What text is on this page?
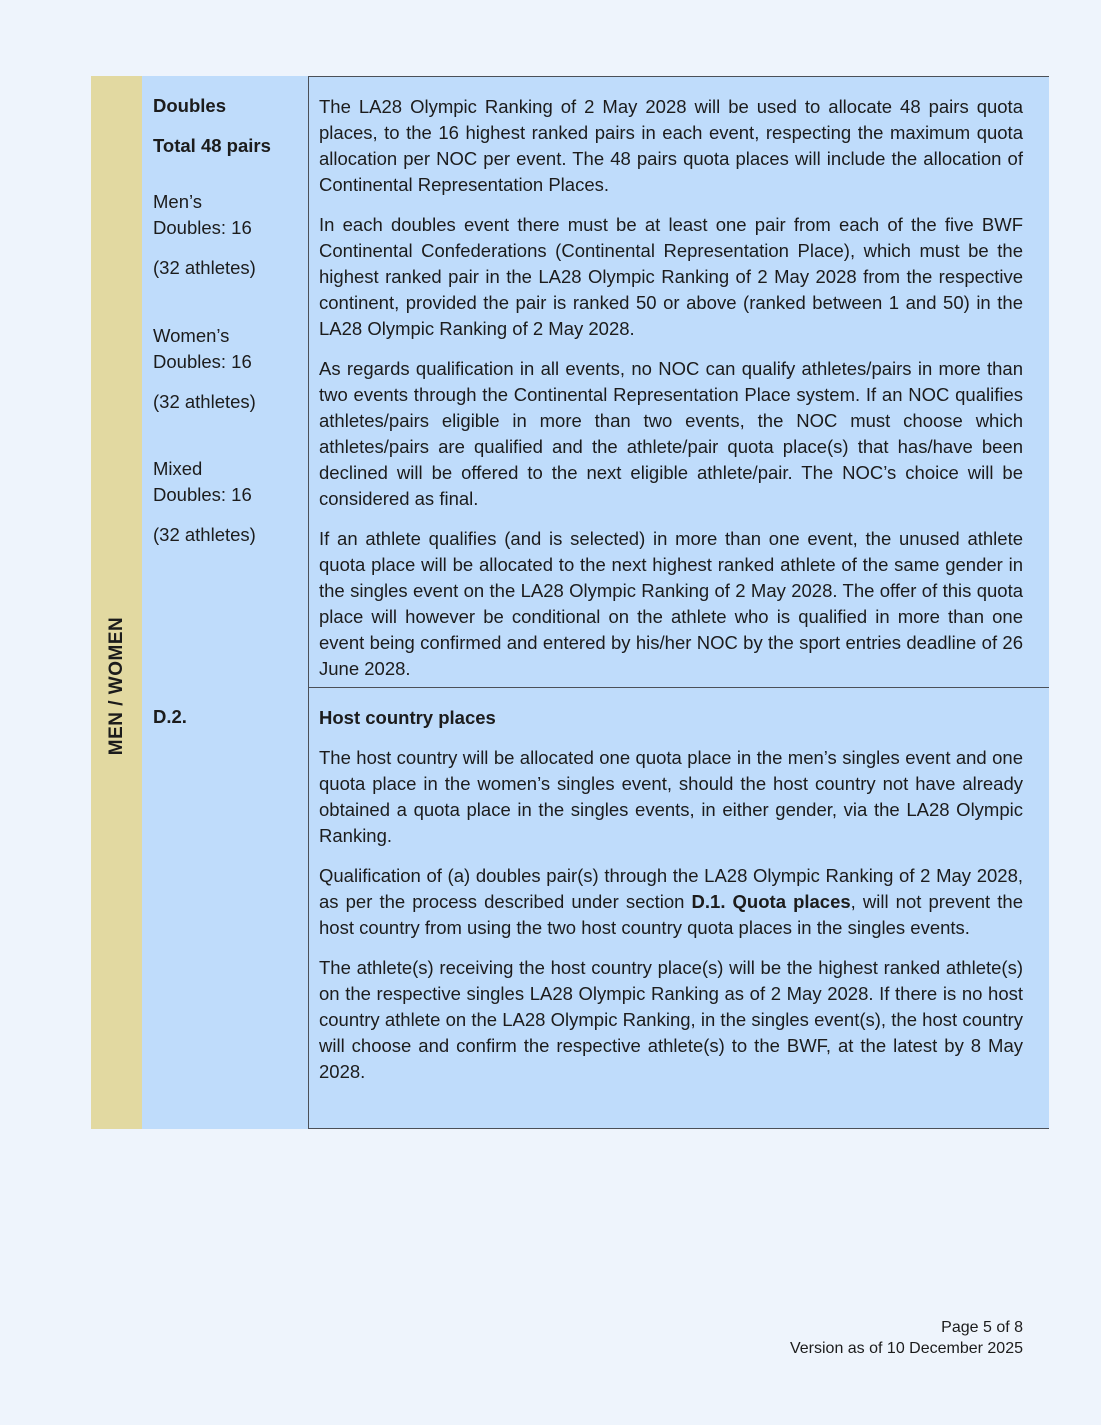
MEN / WOMEN
Doubles
Total 48 pairs
Men’s
Doubles: 16
(32 athletes)
Women’s
Doubles: 16
(32 athletes)
Mixed
Doubles: 16
(32 athletes)

The LA28 Olympic Ranking of 2 May 2028 will be used to allocate 48 pairs quota places, to the 16 highest ranked pairs in each event, respecting the maximum quota allocation per NOC per event. The 48 pairs quota places will include the allocation of Continental Representation Places.

In each doubles event there must be at least one pair from each of the five BWF Continental Confederations (Continental Representation Place), which must be the highest ranked pair in the LA28 Olympic Ranking of 2 May 2028 from the respective continent, provided the pair is ranked 50 or above (ranked between 1 and 50) in the LA28 Olympic Ranking of 2 May 2028.

As regards qualification in all events, no NOC can qualify athletes/pairs in more than two events through the Continental Representation Place system. If an NOC qualifies athletes/pairs eligible in more than two events, the NOC must choose which athletes/pairs are qualified and the athlete/pair quota place(s) that has/have been declined will be offered to the next eligible athlete/pair. The NOC’s choice will be considered as final.

If an athlete qualifies (and is selected) in more than one event, the unused athlete quota place will be allocated to the next highest ranked athlete of the same gender in the singles event on the LA28 Olympic Ranking of 2 May 2028. The offer of this quota place will however be conditional on the athlete who is qualified in more than one event being confirmed and entered by his/her NOC by the sport entries deadline of 26 June 2028.

D.2.	Host country places

The host country will be allocated one quota place in the men’s singles event and one quota place in the women’s singles event, should the host country not have already obtained a quota place in the singles events, in either gender, via the LA28 Olympic Ranking.

Qualification of (a) doubles pair(s) through the LA28 Olympic Ranking of 2 May 2028, as per the process described under section D.1. Quota places, will not prevent the host country from using the two host country quota places in the singles events.

The athlete(s) receiving the host country place(s) will be the highest ranked athlete(s) on the respective singles LA28 Olympic Ranking as of 2 May 2028. If there is no host country athlete on the LA28 Olympic Ranking, in the singles event(s), the host country will choose and confirm the respective athlete(s) to the BWF, at the latest by 8 May 2028.

Page 5 of 8
Version as of 10 December 2025
